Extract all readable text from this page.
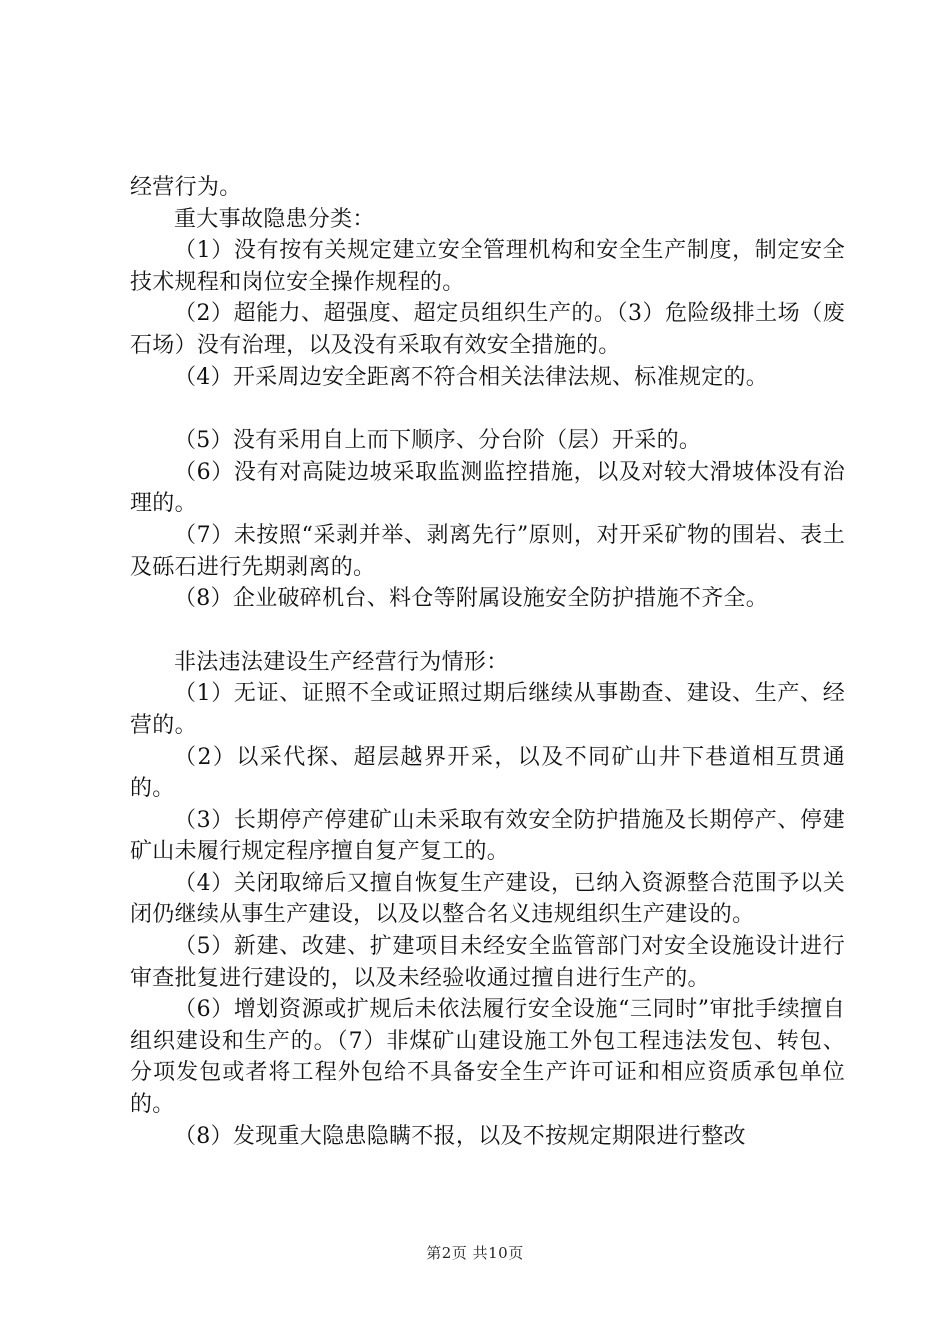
经营行为。

重大事故隐患分类：

（1）没有按有关规定建立安全管理机构和安全生产制度，制定安全技术规程和岗位安全操作规程的。

（2）超能力、超强度、超定员组织生产的。（3）危险级排土场（废石场）没有治理，以及没有采取有效安全措施的。

（4）开采周边安全距离不符合相关法律法规、标准规定的。

（5）没有采用自上而下顺序、分台阶（层）开采的。

（6）没有对高陡边坡采取监测监控措施，以及对较大滑坡体没有治理的。

（7）未按照“采剥并举、剥离先行”原则，对开采矿物的围岩、表土及砾石进行先期剥离的。

（8）企业破碎机台、料仓等附属设施安全防护措施不齐全。

非法违法建设生产经营行为情形：

（1）无证、证照不全或证照过期后继续从事勘查、建设、生产、经营的。

（2）以采代探、超层越界开采，以及不同矿山井下巷道相互贯通的。

（3）长期停产停建矿山未采取有效安全防护措施及长期停产、停建矿山未履行规定程序擅自复产复工的。

（4）关闭取缔后又擅自恢复生产建设，已纳入资源整合范围予以关闭仍继续从事生产建设，以及以整合名义违规组织生产建设的。

（5）新建、改建、扩建项目未经安全监管部门对安全设施设计进行审查批复进行建设的，以及未经验收通过擅自进行生产的。

（6）增划资源或扩规后未依法履行安全设施“三同时”审批手续擅自组织建设和生产的。（7）非煤矿山建设施工外包工程违法发包、转包、分项发包或者将工程外包给不具备安全生产许可证和相应资质承包单位的。

（8）发现重大隐患隐瞒不报，以及不按规定期限进行整改

第2页 共10页
